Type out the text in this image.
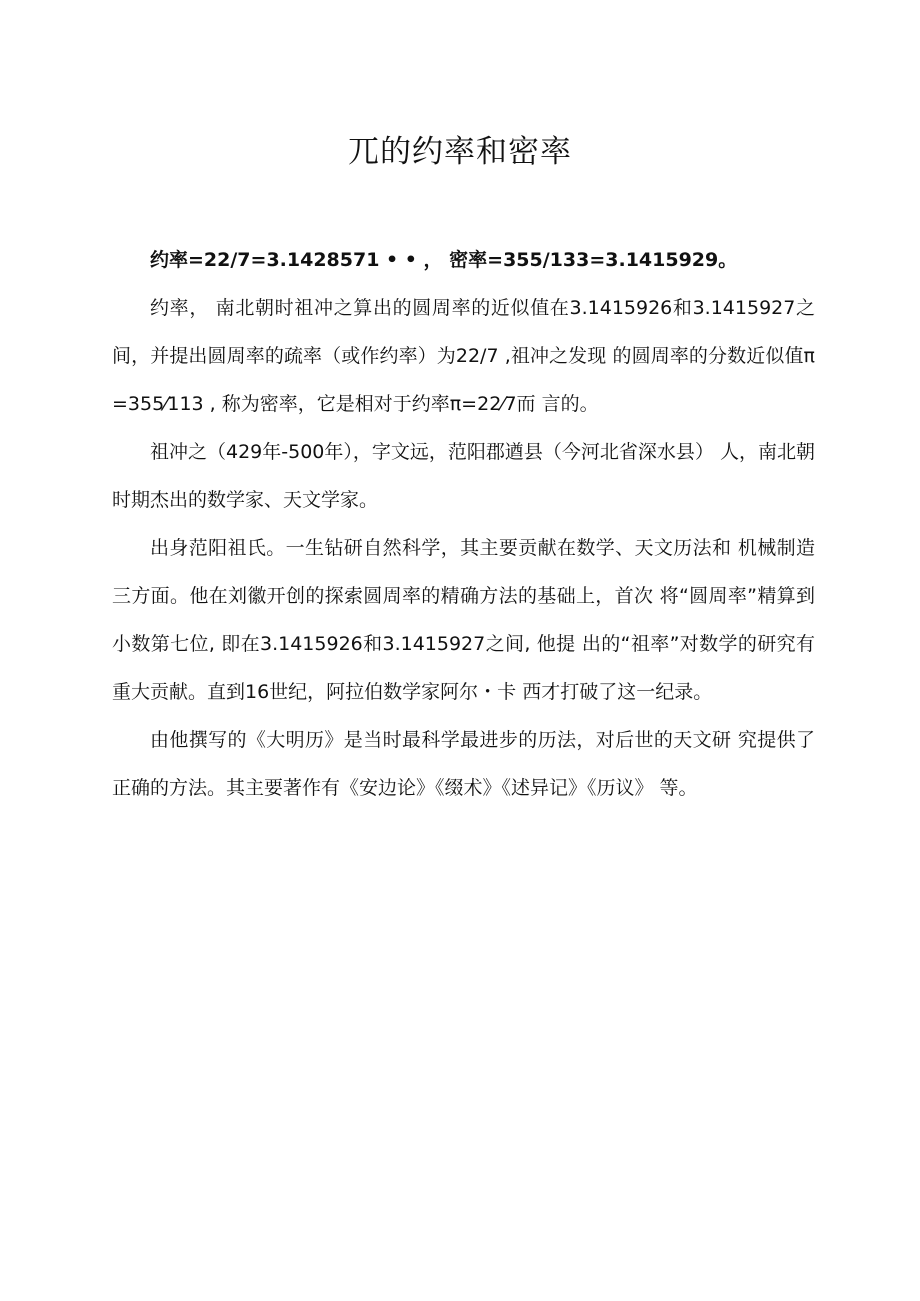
兀的约率和密率

约率=22/7=3.1428571 • • ， 密率=355/133=3.1415929。

约率， 南北朝时祖冲之算出的圆周率的近似值在3.1415926和3.1415927之间，并提出圆周率的疏率（或作约率）为22/7 ,祖冲之发现 的圆周率的分数近似值π=355⁄113 , 称为密率，它是相对于约率π=22⁄7而 言的。

祖冲之（429年-500年），字文远，范阳郡遒县（今河北省深水县） 人，南北朝时期杰出的数学家、天文学家。

出身范阳祖氏。一生钻研自然科学，其主要贡献在数学、天文历法和 机械制造三方面。他在刘徽开创的探索圆周率的精确方法的基础上，首次 将“圆周率”精算到小数第七位, 即在3.1415926和3.1415927之间, 他提 出的“祖率”对数学的研究有重大贡献。直到16世纪，阿拉伯数学家阿尔・卡 西才打破了这一纪录。

由他撰写的《大明历》是当时最科学最进步的历法，对后世的天文研 究提供了正确的方法。其主要著作有《安边论》《缀术》《述异记》《历议》 等。
